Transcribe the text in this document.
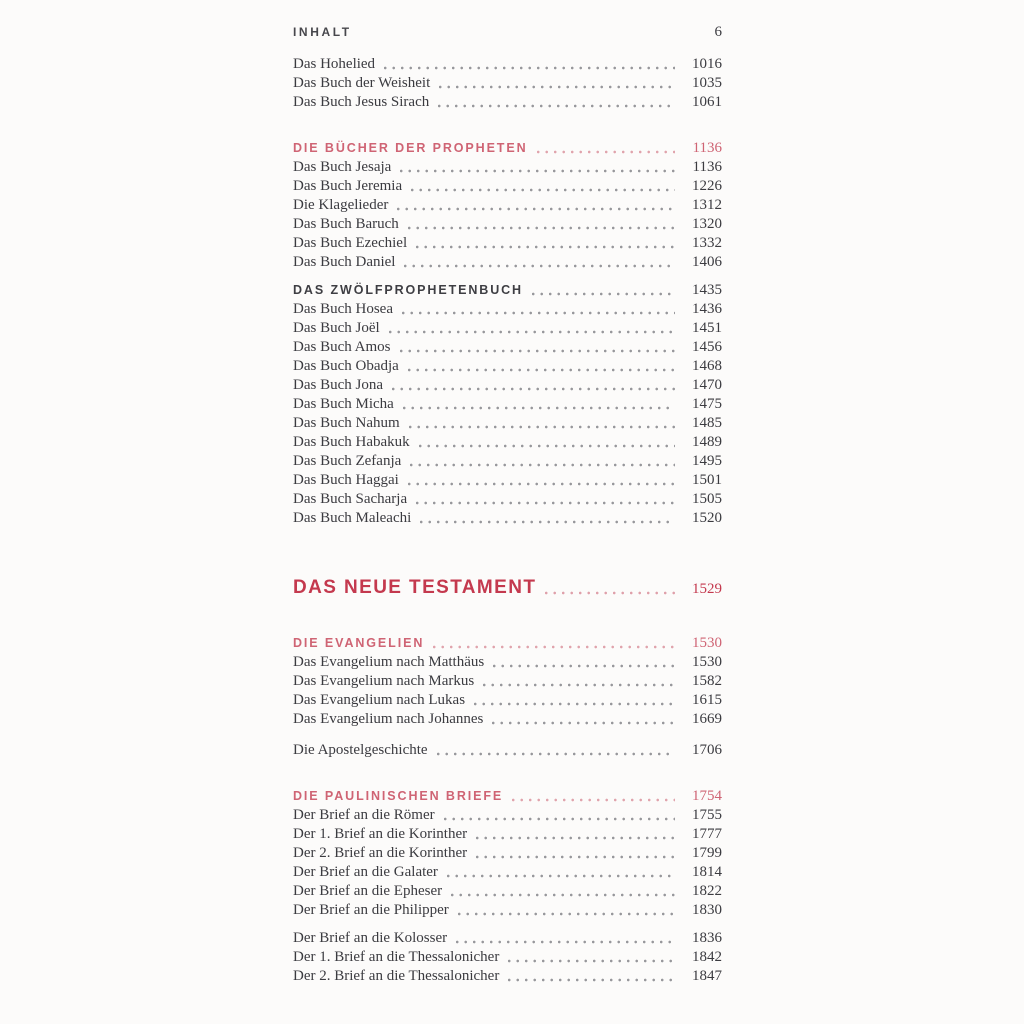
INHALT	6
Das Hohelied	1016
Das Buch der Weisheit	1035
Das Buch Jesus Sirach	1061
DIE BÜCHER DER PROPHETEN	1136
Das Buch Jesaja	1136
Das Buch Jeremia	1226
Die Klagelieder	1312
Das Buch Baruch	1320
Das Buch Ezechiel	1332
Das Buch Daniel	1406
DAS ZWÖLFPROPHETENBUCH	1435
Das Buch Hosea	1436
Das Buch Joël	1451
Das Buch Amos	1456
Das Buch Obadja	1468
Das Buch Jona	1470
Das Buch Micha	1475
Das Buch Nahum	1485
Das Buch Habakuk	1489
Das Buch Zefanja	1495
Das Buch Haggai	1501
Das Buch Sacharja	1505
Das Buch Maleachi	1520
DAS NEUE TESTAMENT	1529
DIE EVANGELIEN	1530
Das Evangelium nach Matthäus	1530
Das Evangelium nach Markus	1582
Das Evangelium nach Lukas	1615
Das Evangelium nach Johannes	1669
Die Apostelgeschichte	1706
DIE PAULINISCHEN BRIEFE	1754
Der Brief an die Römer	1755
Der 1. Brief an die Korinther	1777
Der 2. Brief an die Korinther	1799
Der Brief an die Galater	1814
Der Brief an die Epheser	1822
Der Brief an die Philipper	1830
Der Brief an die Kolosser	1836
Der 1. Brief an die Thessalonicher	1842
Der 2. Brief an die Thessalonicher	1847
